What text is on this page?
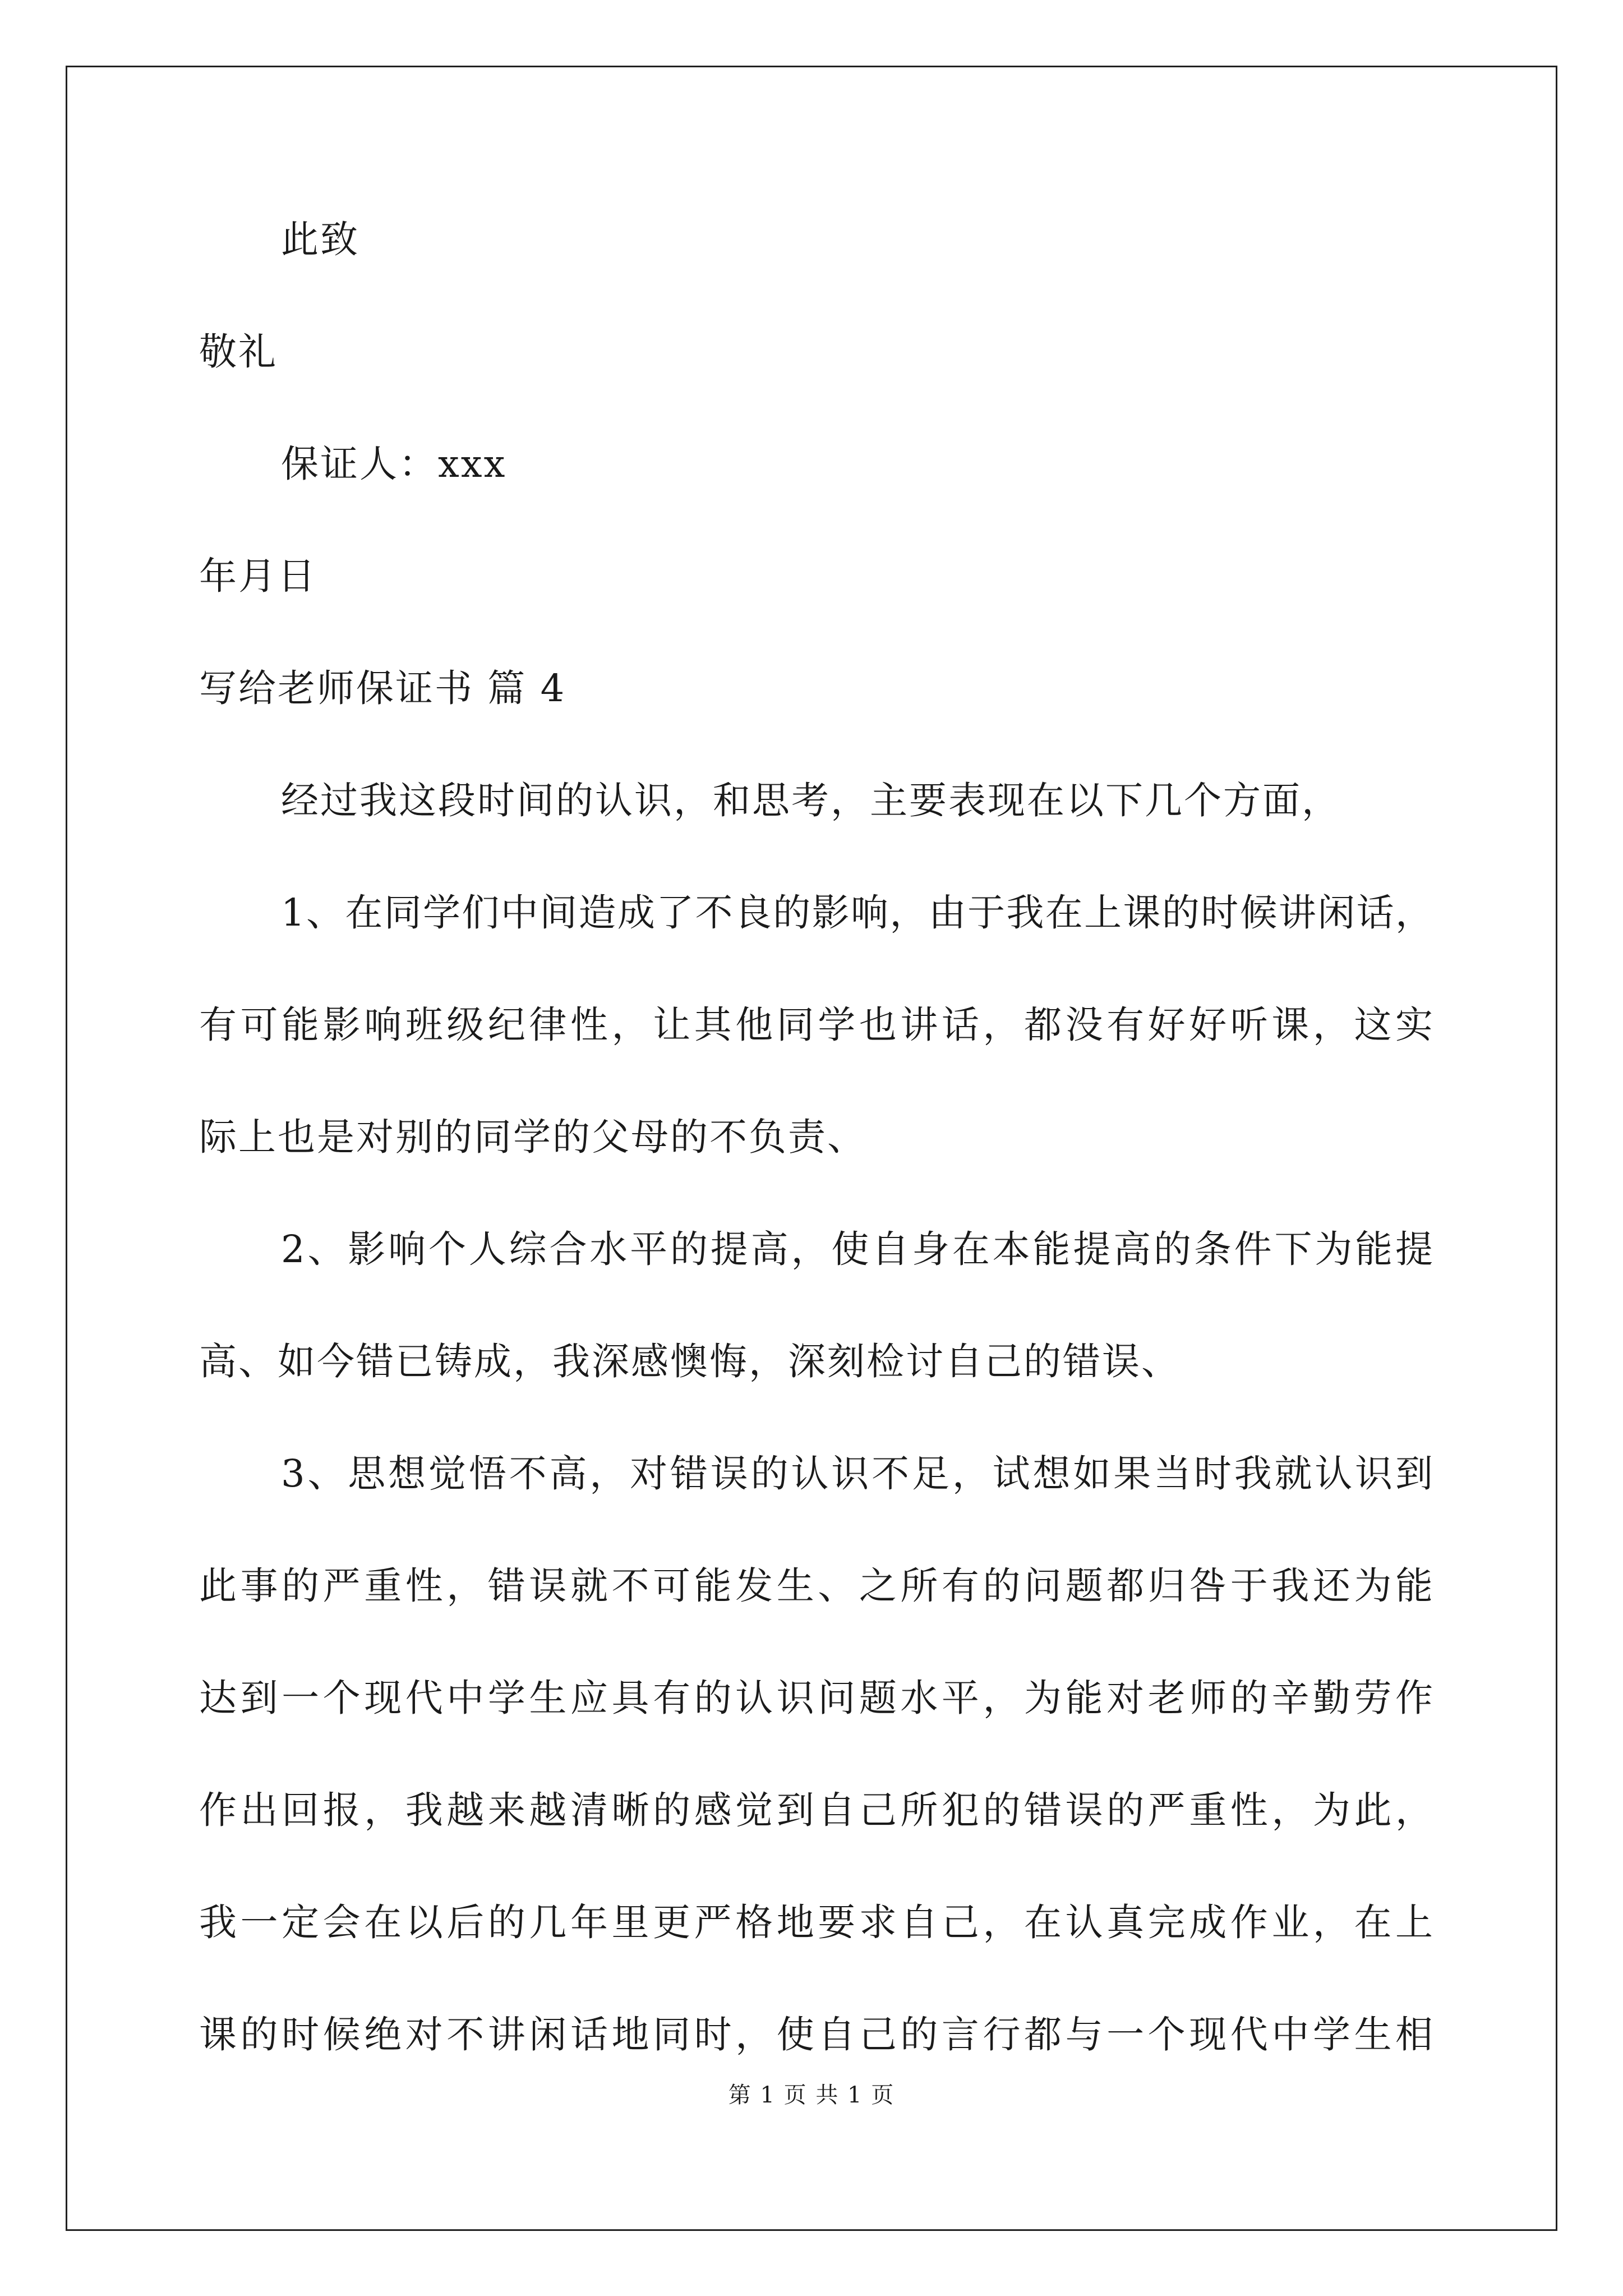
此致
敬礼
保证人：xxx
年月日
写给老师保证书 篇 4
经过我这段时间的认识，和思考，主要表现在以下几个方面，
1、在同学们中间造成了不良的影响，由于我在上课的时候讲闲话，
有可能影响班级纪律性，让其他同学也讲话，都没有好好听课，这实
际上也是对别的同学的父母的不负责、
2、影响个人综合水平的提高，使自身在本能提高的条件下为能提
高、如今错已铸成，我深感懊悔，深刻检讨自己的错误、
3、思想觉悟不高，对错误的认识不足，试想如果当时我就认识到
此事的严重性，错误就不可能发生、之所有的问题都归咎于我还为能
达到一个现代中学生应具有的认识问题水平，为能对老师的辛勤劳作
作出回报，我越来越清晰的感觉到自己所犯的错误的严重性，为此，
我一定会在以后的几年里更严格地要求自己，在认真完成作业，在上
课的时候绝对不讲闲话地同时，使自己的言行都与一个现代中学生相
第 1 页 共 1 页
